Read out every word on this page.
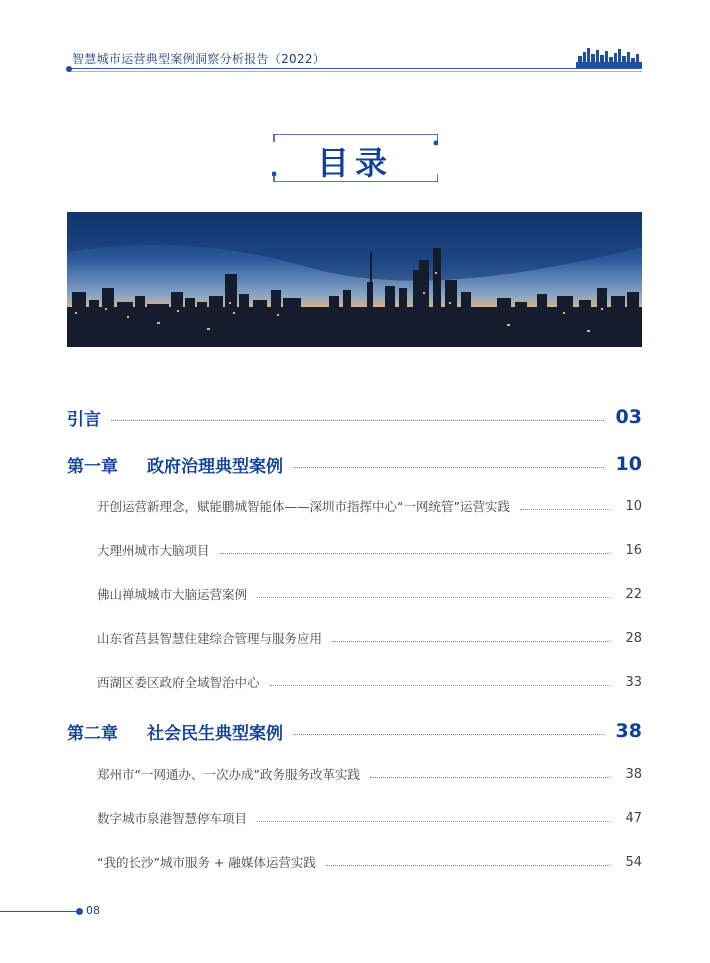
智慧城市运营典型案例洞察分析报告（2022）
目录
引言	03
第一章 政府治理典型案例	10
开创运营新理念，赋能鹏城智能体——深圳市指挥中心“一网统管”运营实践	10
大理州城市大脑项目	16
佛山禅城城市大脑运营案例	22
山东省莒县智慧住建综合管理与服务应用	28
西湖区委区政府全域智治中心	33
第二章 社会民生典型案例	38
郑州市“一网通办、一次办成”政务服务改革实践	38
数字城市泉港智慧停车项目	47
“我的长沙”城市服务 + 融媒体运营实践	54
08
